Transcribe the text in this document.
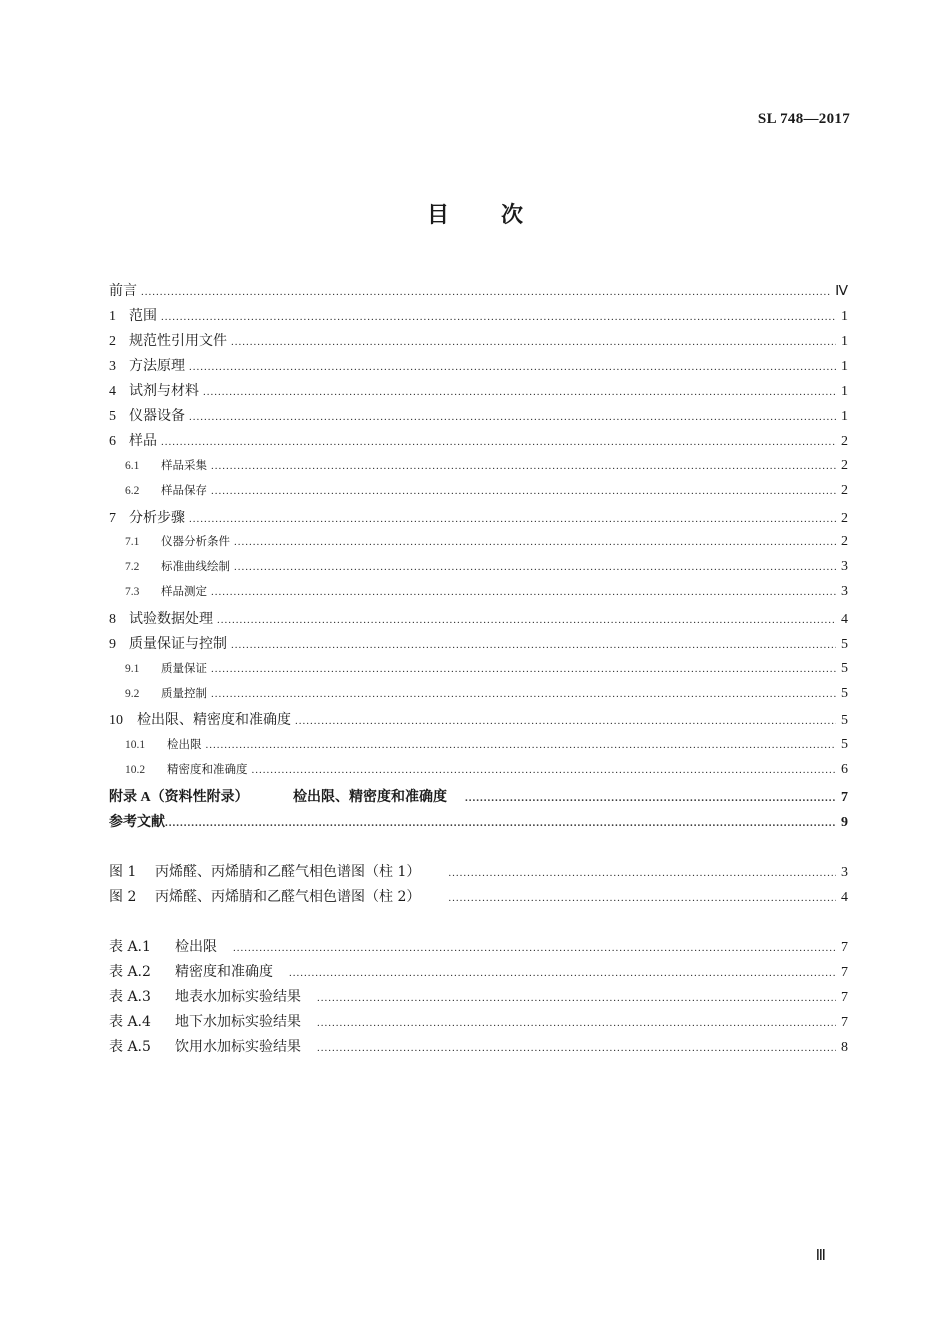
SL 748—2017
目 次
前言 .....	Ⅳ
1 范围 .....	1
2 规范性引用文件 .....	1
3 方法原理 .....	1
4 试剂与材料 .....	1
5 仪器设备 .....	1
6 样品 .....	2
6.1 样品采集 .....	2
6.2 样品保存 .....	2
7 分析步骤 .....	2
7.1 仪器分析条件 .....	2
7.2 标准曲线绘制 .....	3
7.3 样品测定 .....	3
8 试验数据处理 .....	4
9 质量保证与控制 .....	5
9.1 质量保证 .....	5
9.2 质量控制 .....	5
10 检出限、精密度和准确度 .....	5
10.1 检出限 .....	5
10.2 精密度和准确度 .....	6
附录 A（资料性附录）	检出限、精密度和准确度 .....	7
参考文献 .....	9
图 1 丙烯醛、丙烯腈和乙醛气相色谱图（柱 1） .....	3
图 2 丙烯醛、丙烯腈和乙醛气相色谱图（柱 2） .....	4
表 A.1 检出限 .....	7
表 A.2 精密度和准确度 .....	7
表 A.3 地表水加标实验结果 .....	7
表 A.4 地下水加标实验结果 .....	7
表 A.5 饮用水加标实验结果 .....	8
Ⅲ
